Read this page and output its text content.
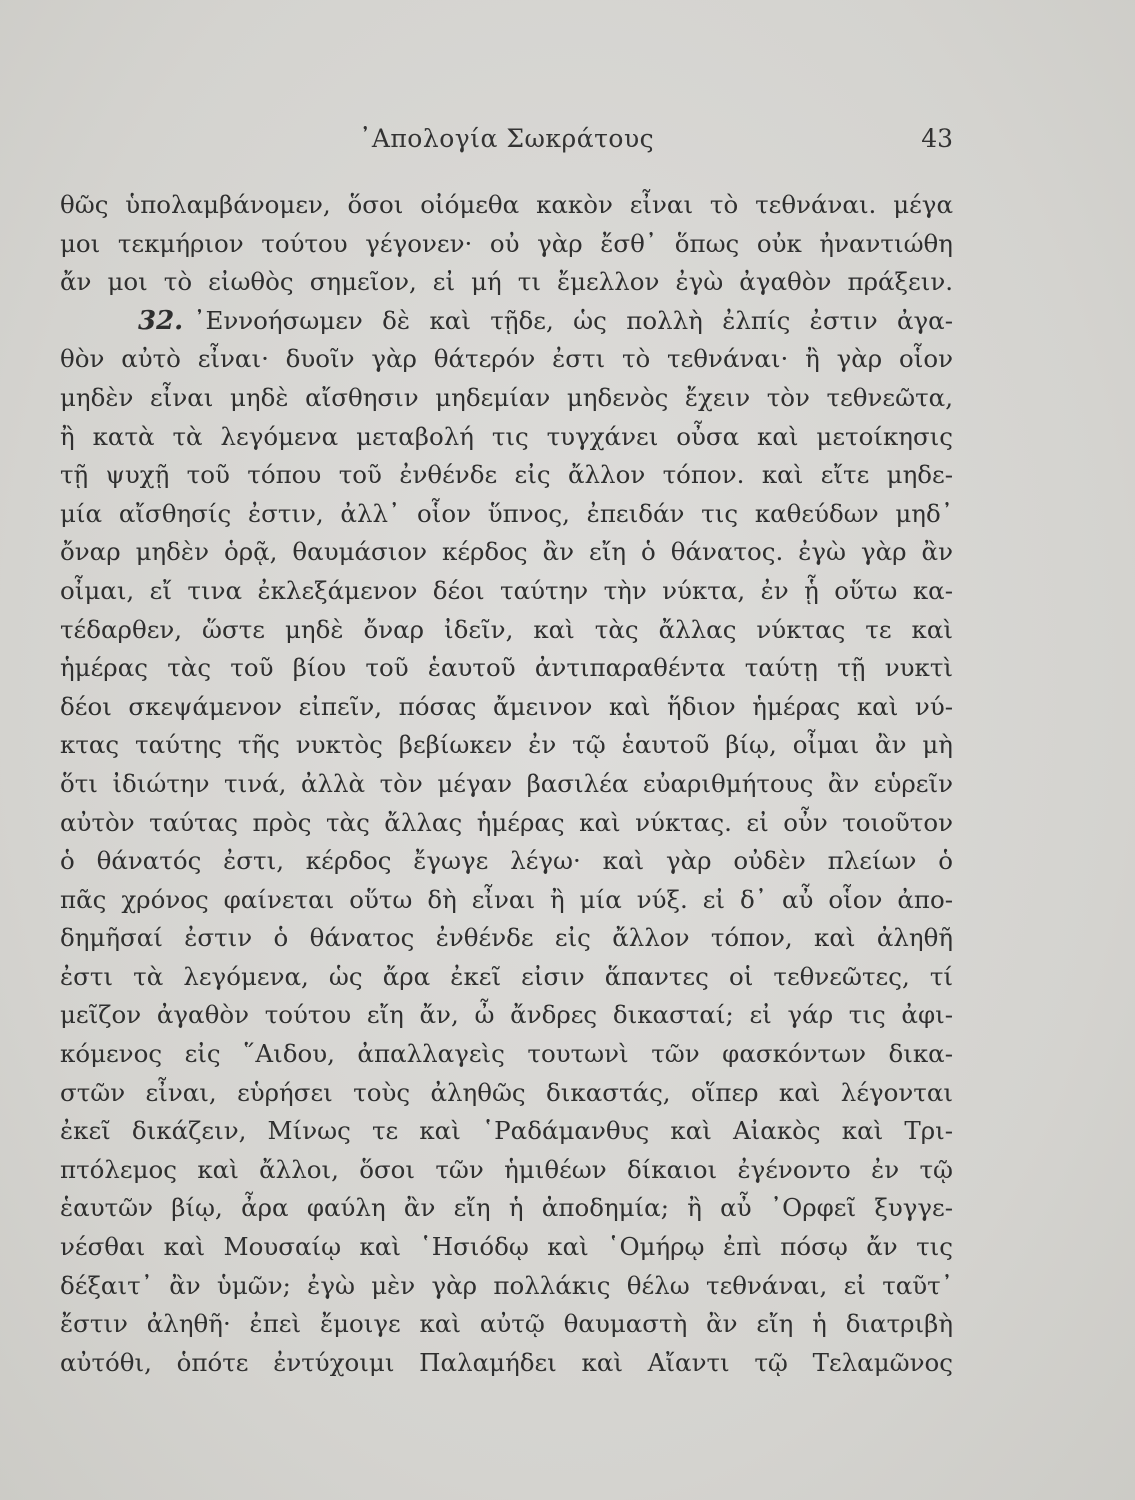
᾿Απολογία Σωκράτους	43
θῶς ὑπολαμβάνομεν, ὅσοι οἰόμεθα κακὸν εἶναι τὸ τεθνάναι. μέγα
μοι τεκμήριον τούτου γέγονεν· οὐ γὰρ ἔσθ᾽ ὅπως οὐκ ἠναντιώθη
ἄν μοι τὸ εἰωθὸς σημεῖον, εἰ μή τι ἔμελλον ἐγὼ ἀγαθὸν πράξειν.
32. ᾿Εννοήσωμεν δὲ καὶ τῇδε, ὡς πολλὴ ἐλπίς ἐστιν ἀγα-
θὸν αὐτὸ εἶναι· δυοῖν γὰρ θάτερόν ἐστι τὸ τεθνάναι· ἢ γὰρ οἷον
μηδὲν εἶναι μηδὲ αἴσθησιν μηδεμίαν μηδενὸς ἔχειν τὸν τεθνεῶτα,
ἢ κατὰ τὰ λεγόμενα μεταβολή τις τυγχάνει οὖσα καὶ μετοίκησις
τῇ ψυχῇ τοῦ τόπου τοῦ ἐνθένδε εἰς ἄλλον τόπον. καὶ εἴτε μηδε-
μία αἴσθησίς ἐστιν, ἀλλ᾽ οἷον ὕπνος, ἐπειδάν τις καθεύδων μηδ᾽
ὄναρ μηδὲν ὁρᾷ, θαυμάσιον κέρδος ἂν εἴη ὁ θάνατος. ἐγὼ γὰρ ἂν
οἶμαι, εἴ τινα ἐκλεξάμενον δέοι ταύτην τὴν νύκτα, ἐν ᾗ οὕτω κα-
τέδαρθεν, ὥστε μηδὲ ὄναρ ἰδεῖν, καὶ τὰς ἄλλας νύκτας τε καὶ
ἡμέρας τὰς τοῦ βίου τοῦ ἑαυτοῦ ἀντιπαραθέντα ταύτῃ τῇ νυκτὶ
δέοι σκεψάμενον εἰπεῖν, πόσας ἄμεινον καὶ ἥδιον ἡμέρας καὶ νύ-
κτας ταύτης τῆς νυκτὸς βεβίωκεν ἐν τῷ ἑαυτοῦ βίῳ, οἶμαι ἂν μὴ
ὅτι ἰδιώτην τινά, ἀλλὰ τὸν μέγαν βασιλέα εὐαριθμήτους ἂν εὑρεῖν
αὐτὸν ταύτας πρὸς τὰς ἄλλας ἡμέρας καὶ νύκτας. εἰ οὖν τοιοῦτον
ὁ θάνατός ἐστι, κέρδος ἔγωγε λέγω· καὶ γὰρ οὐδὲν πλείων ὁ
πᾶς χρόνος φαίνεται οὕτω δὴ εἶναι ἢ μία νύξ. εἰ δ᾽ αὖ οἷον ἀπο-
δημῆσαί ἐστιν ὁ θάνατος ἐνθένδε εἰς ἄλλον τόπον, καὶ ἀληθῆ
ἐστι τὰ λεγόμενα, ὡς ἄρα ἐκεῖ εἰσιν ἅπαντες οἱ τεθνεῶτες, τί
μεῖζον ἀγαθὸν τούτου εἴη ἄν, ὦ ἄνδρες δικασταί; εἰ γάρ τις ἀφι-
κόμενος εἰς ῞Αιδου, ἀπαλλαγεὶς τουτωνὶ τῶν φασκόντων δικα-
στῶν εἶναι, εὑρήσει τοὺς ἀληθῶς δικαστάς, οἵπερ καὶ λέγονται
ἐκεῖ δικάζειν, Μίνως τε καὶ ῾Ραδάμανθυς καὶ Αἰακὸς καὶ Τρι-
πτόλεμος καὶ ἄλλοι, ὅσοι τῶν ἡμιθέων δίκαιοι ἐγένοντο ἐν τῷ
ἑαυτῶν βίῳ, ἆρα φαύλη ἂν εἴη ἡ ἀποδημία; ἢ αὖ ᾿Ορφεῖ ξυγγε-
νέσθαι καὶ Μουσαίῳ καὶ ῾Ησιόδῳ καὶ ῾Ομήρῳ ἐπὶ πόσῳ ἄν τις
δέξαιτ᾽ ἂν ὑμῶν; ἐγὼ μὲν γὰρ πολλάκις θέλω τεθνάναι, εἰ ταῦτ᾽
ἔστιν ἀληθῆ· ἐπεὶ ἔμοιγε καὶ αὐτῷ θαυμαστὴ ἂν εἴη ἡ διατριβὴ
αὐτόθι, ὁπότε ἐντύχοιμι Παλαμήδει καὶ Αἴαντι τῷ Τελαμῶνος
